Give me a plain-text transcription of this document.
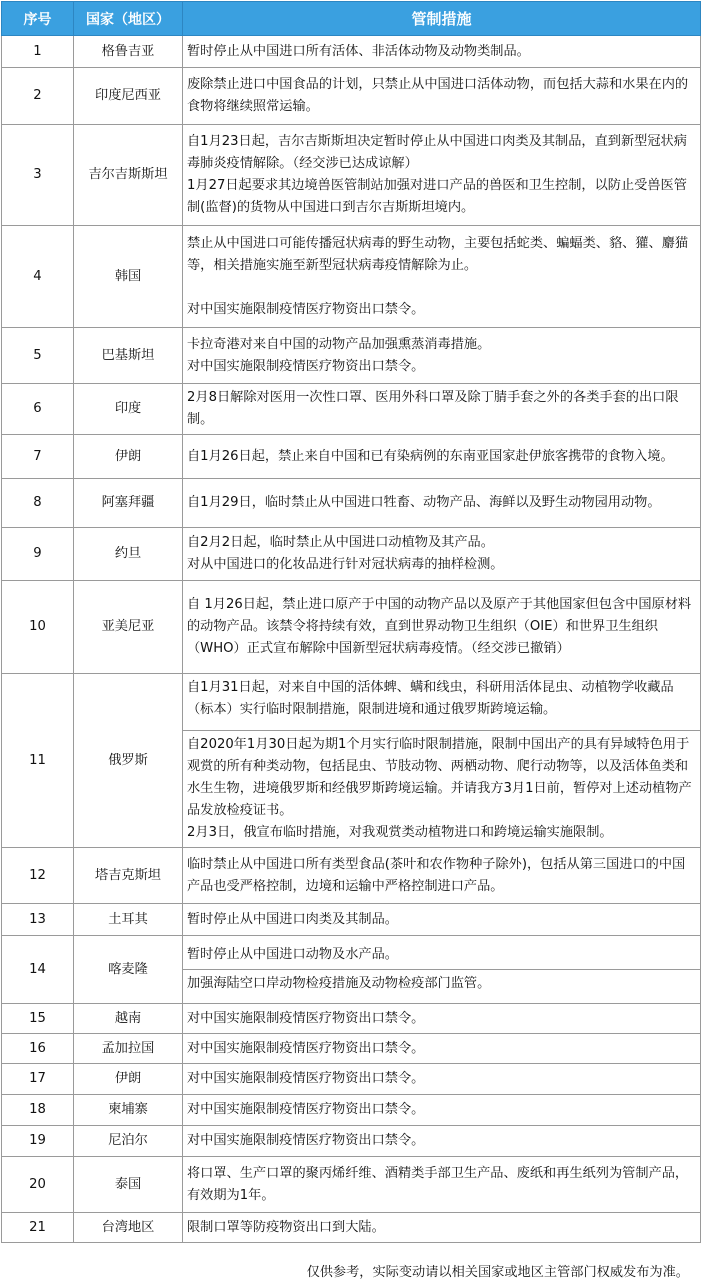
序号	国家（地区）	管制措施
1	格鲁吉亚	暂时停止从中国进口所有活体、非活体动物及动物类制品。

2	印度尼西亚	废除禁止进口中国食品的计划，只禁止从中国进口活体动物，而包括大蒜和水果在内的食物将继续照常运输。

3	吉尔吉斯斯坦	自1月23日起，吉尔吉斯斯坦决定暂时停止从中国进口肉类及其制品，直到新型冠状病毒肺炎疫情解除。（经交涉已达成谅解）
1月27日起要求其边境兽医管制站加强对进口产品的兽医和卫生控制，以防止受兽医管制(监督)的货物从中国进口到吉尔吉斯斯坦境内。

4	韩国	禁止从中国进口可能传播冠状病毒的野生动物，主要包括蛇类、蝙蝠类、貉、獾、麝猫等，相关措施实施至新型冠状病毒疫情解除为止。
对中国实施限制疫情医疗物资出口禁令。

5	巴基斯坦	卡拉奇港对来自中国的动物产品加强熏蒸消毒措施。
对中国实施限制疫情医疗物资出口禁令。

6	印度	2月8日解除对医用一次性口罩、医用外科口罩及除丁腈手套之外的各类手套的出口限制。

7	伊朗	自1月26日起，禁止来自中国和已有染病例的东南亚国家赴伊旅客携带的食物入境。

8	阿塞拜疆	自1月29日，临时禁止从中国进口牲畜、动物产品、海鲜以及野生动物园用动物。

9	约旦	自2月2日起，临时禁止从中国进口动植物及其产品。
对从中国进口的化妆品进行针对冠状病毒的抽样检测。

10	亚美尼亚	自 1月26日起，禁止进口原产于中国的动物产品以及原产于其他国家但包含中国原材料的动物产品。该禁令将持续有效，直到世界动物卫生组织（OIE）和世界卫生组织（WHO）正式宣布解除中国新型冠状病毒疫情。（经交涉已撤销）

11	俄罗斯	自1月31日起，对来自中国的活体蜱、螨和线虫，科研用活体昆虫、动植物学收藏品（标本）实行临时限制措施，限制进境和通过俄罗斯跨境运输。
自2020年1月30日起为期1个月实行临时限制措施，限制中国出产的具有异域特色用于观赏的所有种类动物，包括昆虫、节肢动物、两栖动物、爬行动物等，以及活体鱼类和水生生物，进境俄罗斯和经俄罗斯跨境运输。并请我方3月1日前，暂停对上述动植物产品发放检疫证书。
2月3日，俄宣布临时措施，对我观赏类动植物进口和跨境运输实施限制。

12	塔吉克斯坦	临时禁止从中国进口所有类型食品(茶叶和农作物种子除外)，包括从第三国进口的中国产品也受严格控制，边境和运输中严格控制进口产品。

13	土耳其	暂时停止从中国进口肉类及其制品。

14	喀麦隆	暂时停止从中国进口动物及水产品。
加强海陆空口岸动物检疫措施及动物检疫部门监管。

15	越南	对中国实施限制疫情医疗物资出口禁令。

16	孟加拉国	对中国实施限制疫情医疗物资出口禁令。

17	伊朗	对中国实施限制疫情医疗物资出口禁令。

18	柬埔寨	对中国实施限制疫情医疗物资出口禁令。

19	尼泊尔	对中国实施限制疫情医疗物资出口禁令。

20	泰国	将口罩、生产口罩的聚丙烯纤维、酒精类手部卫生产品、废纸和再生纸列为管制产品，有效期为1年。

21	台湾地区	限制口罩等防疫物资出口到大陆。
仅供参考，实际变动请以相关国家或地区主管部门权威发布为准。
